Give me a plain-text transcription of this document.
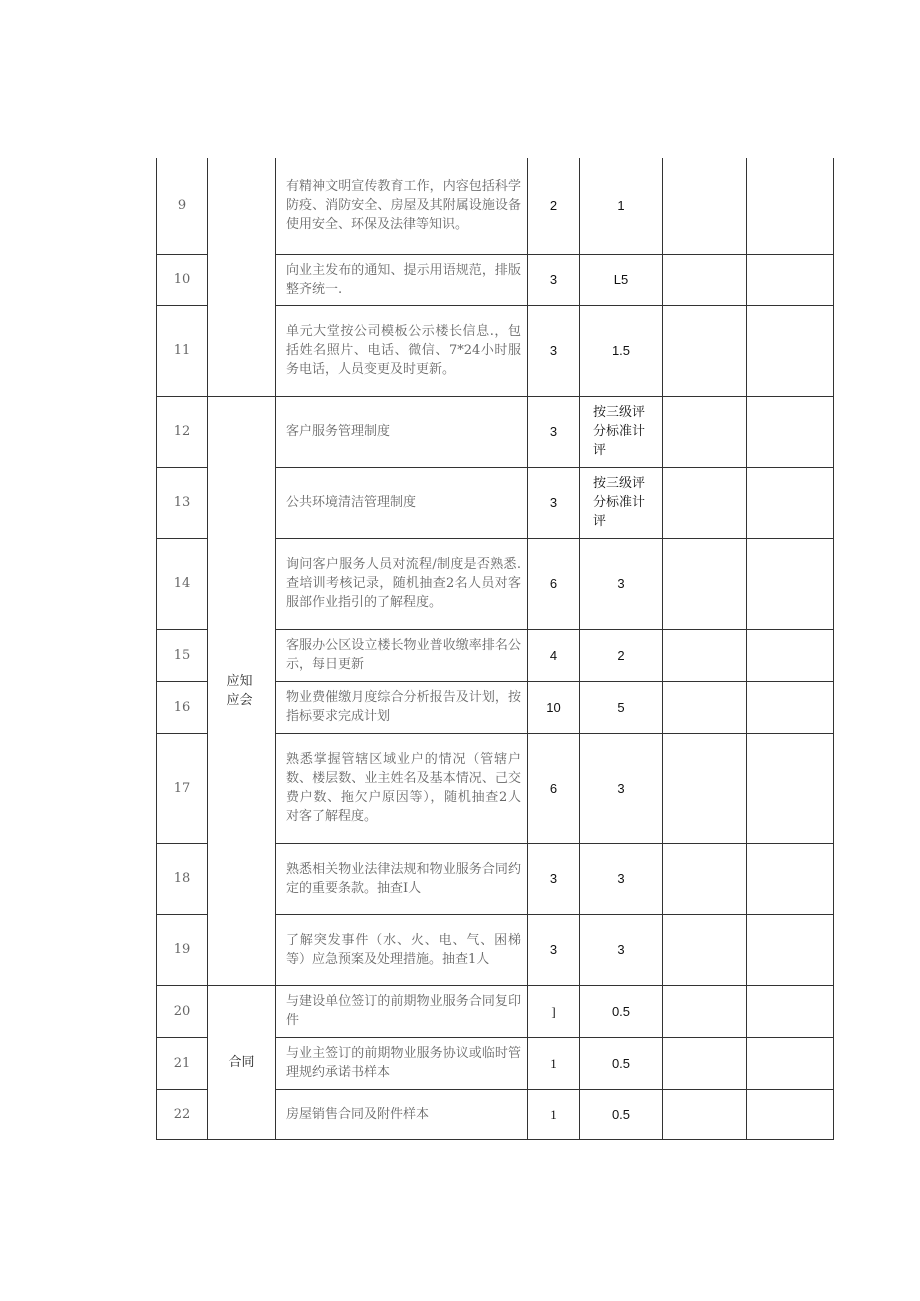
9		有精神文明宣传教育工作，内容包括科学防疫、消防安全、房屋及其附属设施设备使用安全、环保及法律等知识。	2	1		
10		向业主发布的通知、提示用语规范，排版整齐统一.	3	L5		
11		单元大堂按公司模板公示楼长信息.，包括姓名照片、电话、微信、7*24小时服务电话，人员变更及时更新。	3	1.5		
12	应知应会	客户服务管理制度	3	按三级评分标准计评		
13		公共环境清洁管理制度	3	按三级评分标准计评		
14		询问客户服务人员对流程/制度是否熟悉.查培训考核记录，随机抽查2名人员对客服部作业指引的了解程度。	6	3		
15		客服办公区设立楼长物业普收缴率排名公示，每日更新	4	2		
16		物业费催缴月度综合分析报告及计划，按指标要求完成计划	10	5		
17		熟悉掌握管辖区域业户的情况（管辖户数、楼层数、业主姓名及基本情况、己交费户数、拖欠户原因等），随机抽查2人对客了解程度。	6	3		
18		熟悉相关物业法律法规和物业服务合同约定的重要条款。抽查I人	3	3		
19		了解突发事件（水、火、电、气、困梯等）应急预案及处理措施。抽查1人	3	3		
20	合同	与建设单位签订的前期物业服务合同复印件	]	0.5		
21		与业主签订的前期物业服务协议或临时管理规约承诺书样本	1	0.5		
22		房屋销售合同及附件样本	1	0.5		
